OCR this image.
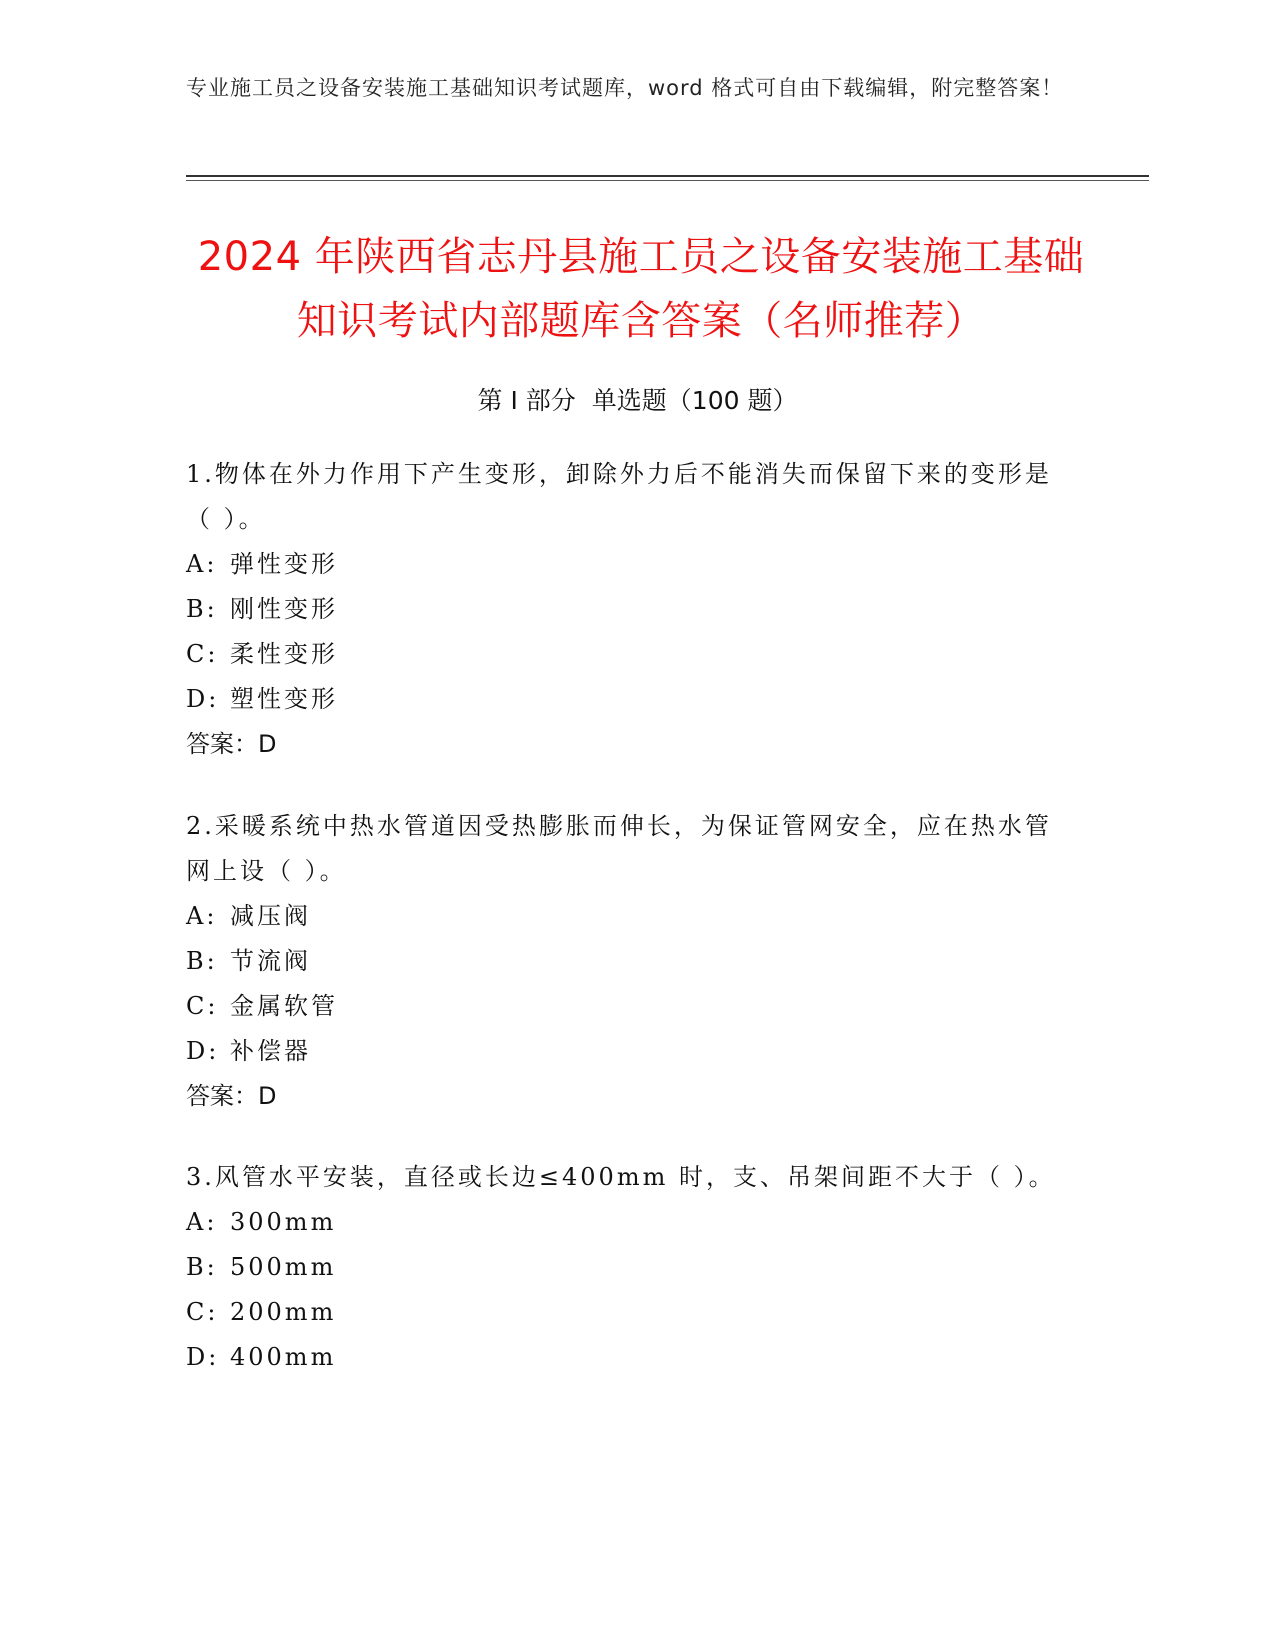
专业施工员之设备安装施工基础知识考试题库，word 格式可自由下载编辑，附完整答案！
2024 年陕西省志丹县施工员之设备安装施工基础知识考试内部题库含答案（名师推荐）
第 I 部分 单选题（100 题）

1.物体在外力作用下产生变形，卸除外力后不能消失而保留下来的变形是（ ）。

A: 弹性变形

B: 刚性变形

C: 柔性变形

D: 塑性变形

答案：D

2.采暖系统中热水管道因受热膨胀而伸长，为保证管网安全，应在热水管网上设（ ）。

A: 减压阀

B: 节流阀

C: 金属软管

D: 补偿器

答案：D

3.风管水平安装，直径或长边≤400mm 时，支、吊架间距不大于（ ）。

A: 300mm

B: 500mm

C: 200mm

D: 400mm
